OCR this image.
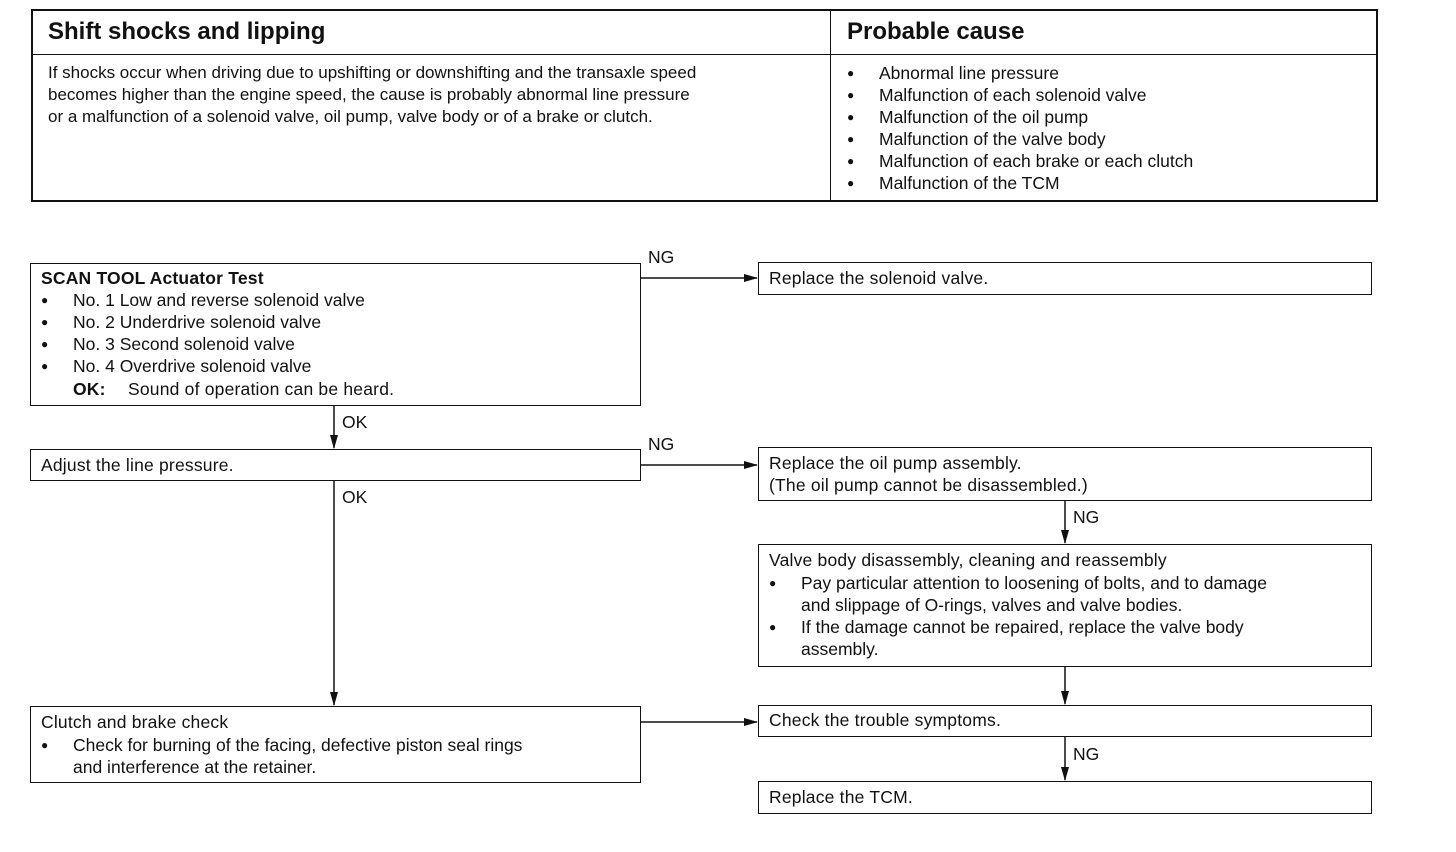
Shift shocks and lipping	Probable cause
If shocks occur when driving due to upshifting or downshifting and the transaxle speed
becomes higher than the engine speed, the cause is probably abnormal line pressure
or a malfunction of a solenoid valve, oil pump, valve body or of a brake or clutch.
● Abnormal line pressure
● Malfunction of each solenoid valve
● Malfunction of the oil pump
● Malfunction of the valve body
● Malfunction of each brake or each clutch
● Malfunction of the TCM
NG
OK
NG
OK
NG
NG
SCAN TOOL Actuator Test
● No. 1 Low and reverse solenoid valve
● No. 2 Underdrive solenoid valve
● No. 3 Second solenoid valve
● No. 4 Overdrive solenoid valve
OK: Sound of operation can be heard.
Replace the solenoid valve.
Adjust the line pressure.	Replace the oil pump assembly.
(The oil pump cannot be disassembled.)
Valve body disassembly, cleaning and reassembly
● Pay particular attention to loosening of bolts, and to damage
and slippage of O-rings, valves and valve bodies.
● If the damage cannot be repaired, replace the valve body
assembly.
Clutch and brake check
● Check for burning of the facing, defective piston seal rings
and interference at the retainer.
Check the trouble symptoms.
Replace the TCM.
